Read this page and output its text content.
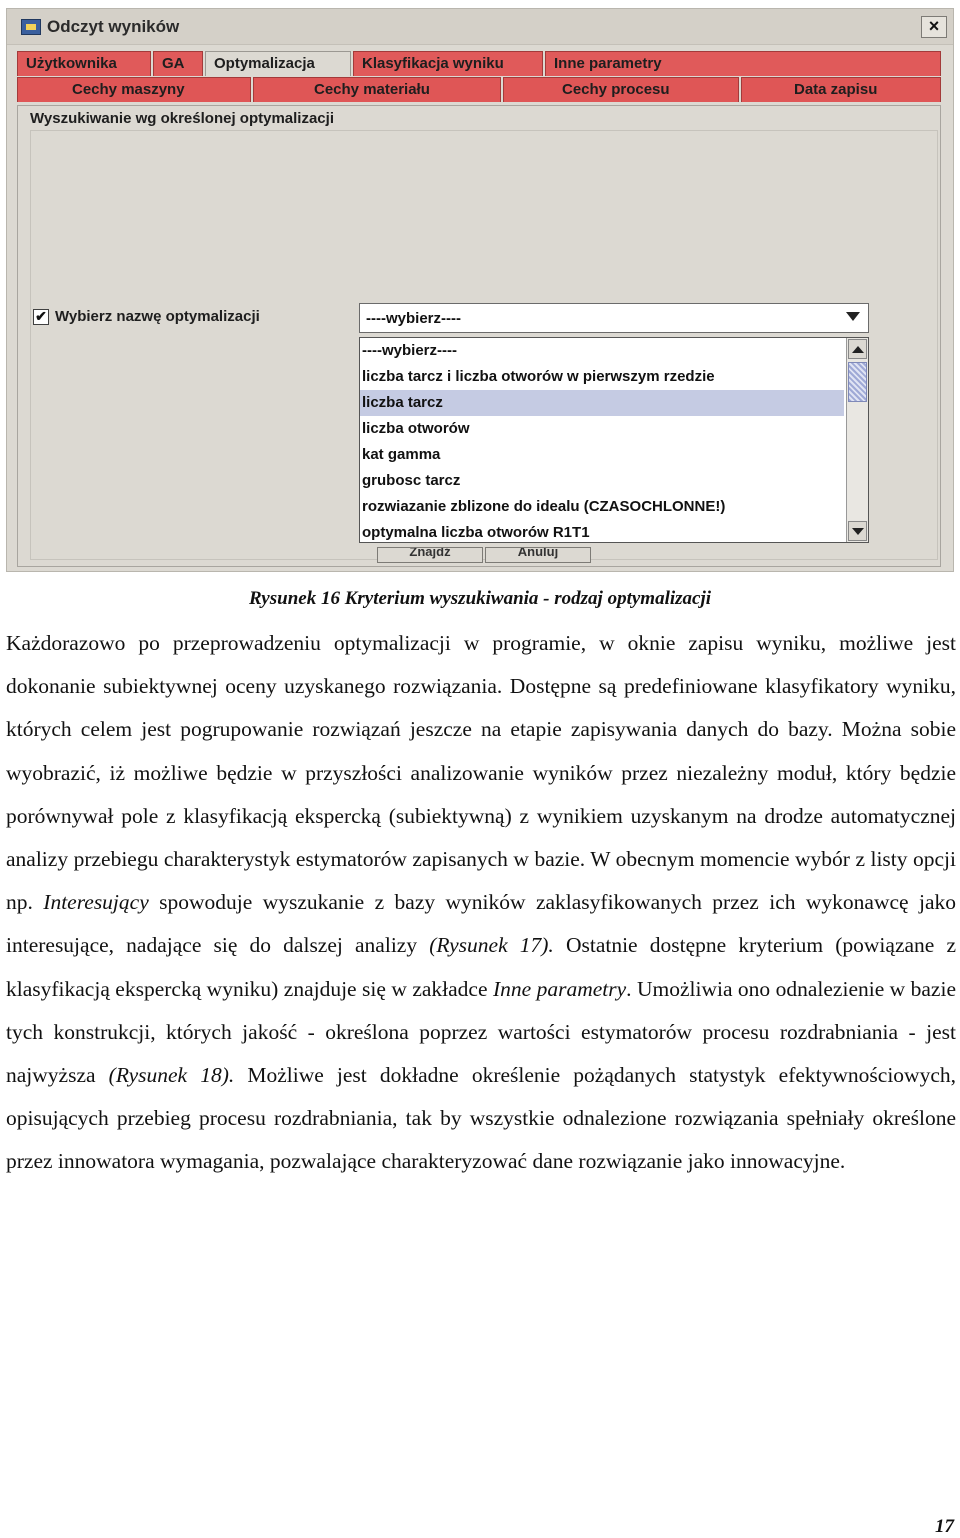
Odczyt wyników	×
Użytkownika	GA	Optymalizacja	Klasyfikacja wyniku	Inne parametry
Cechy maszyny	Cechy materiału	Cechy procesu	Data zapisu
Wyszukiwanie wg określonej optymalizacji
✔ Wybierz nazwę optymalizacji	----wybierz----
----wybierz----
liczba tarcz i liczba otworów w pierwszym rzedzie
liczba tarcz
liczba otworów
kat gamma
grubosc tarcz
rozwiazanie zblizone do idealu (CZASOCHLONNE!)
optymalna liczba otworów R1T1
Znajdź	Anuluj
Rysunek 16 Kryterium wyszukiwania - rodzaj optymalizacji
Każdorazowo po przeprowadzeniu optymalizacji w programie, w oknie zapisu wyniku, możliwe jest dokonanie subiektywnej oceny uzyskanego rozwiązania. Dostępne są predefiniowane klasyfikatory wyniku, których celem jest pogrupowanie rozwiązań jeszcze na etapie zapisywania danych do bazy. Można sobie wyobrazić, iż możliwe będzie w przyszłości analizowanie wyników przez niezależny moduł, który będzie porównywał pole z klasyfikacją ekspercką (subiektywną) z wynikiem uzyskanym na drodze automatycznej analizy przebiegu charakterystyk estymatorów zapisanych w bazie. W obecnym momencie wybór z listy opcji np. Interesujący spowoduje wyszukanie z bazy wyników zaklasyfikowanych przez ich wykonawcę jako interesujące, nadające się do dalszej analizy (Rysunek 17). Ostatnie dostępne kryterium (powiązane z klasyfikacją ekspercką wyniku) znajduje się w zakładce Inne parametry. Umożliwia ono odnalezienie w bazie tych konstrukcji, których jakość - określona poprzez wartości estymatorów procesu rozdrabniania - jest najwyższa (Rysunek 18). Możliwe jest dokładne określenie pożądanych statystyk efektywnościowych, opisujących przebieg procesu rozdrabniania, tak by wszystkie odnalezione rozwiązania spełniały określone przez innowatora wymagania, pozwalające charakteryzować dane rozwiązanie jako innowacyjne.
17
